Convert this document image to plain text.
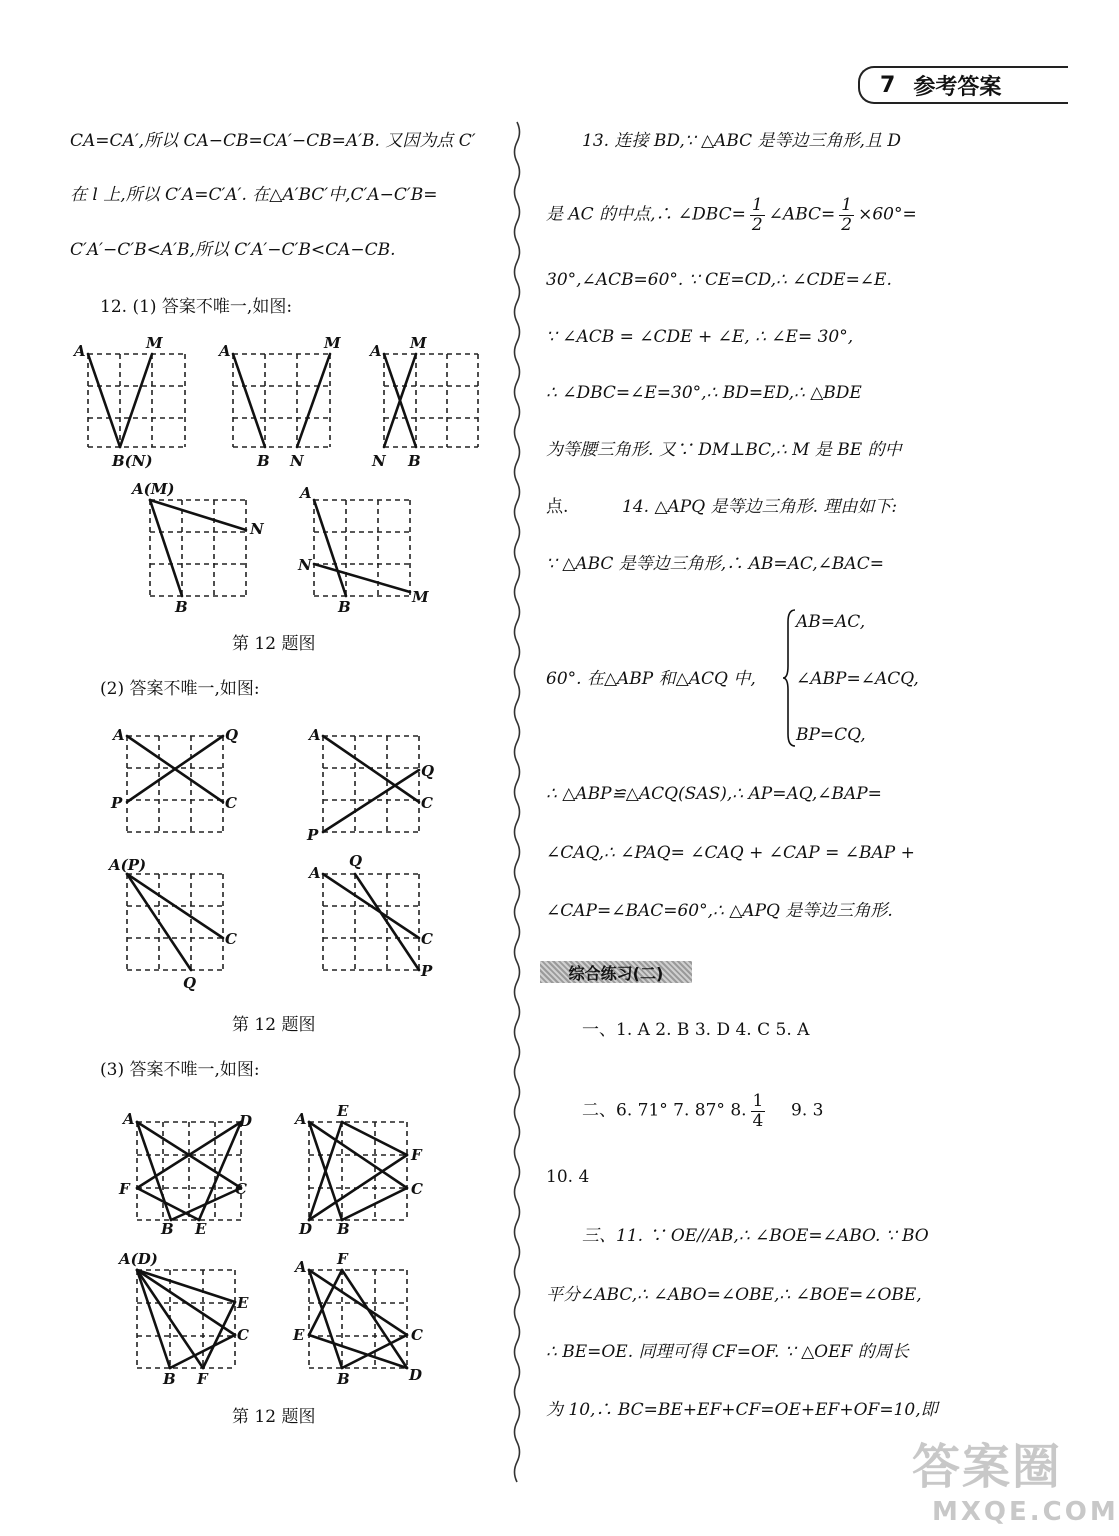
7 参考答案
CA=CA′,所以 CA−CB=CA′−CB=A′B. 又因为点 C′
在 l 上,所以 C′A=C′A′. 在△A′BC′中,C′A−C′B=
C′A′−C′B<A′B,所以 C′A′−C′B<CA−CB.
12. (1) 答案不唯一,如图:
A	M
B(N)
A	M
B N
A M
N B
A(M)
N
B
A
N
B
M
第 12 题图
(2) 答案不唯一,如图:
A	Q
P	C
A
Q
C
P
A(P)
C
Q
A
Q
C
P
第 12 题图
(3) 答案不唯一,如图:
A	D
F	C
B E
A E
F
C
D B
A(D)
E
C
B F
A F
E	C
B	D
第 12 题图
13. 连接 BD,∵ △ABC 是等边三角形,且 D
是 AC 的中点,∴ ∠DBC= $\frac{1}{2}$ ∠ABC= $\frac{1}{2} \times 60^\circ=$
30°,∠ACB=60°. ∵ CE=CD,∴ ∠CDE=∠E.
∵ ∠ACB = ∠CDE + ∠E, ∴ ∠E= 30°,
∴ ∠DBC=∠E=30°,∴ BD=ED,∴ △BDE
为等腰三角形. 又∵ DM⊥BC,∴ M 是 BE 的中
点.	14. △APQ 是等边三角形. 理由如下:
∵ △ABC 是等边三角形,∴ AB=AC,∠BAC=
60°. 在△ABP 和△ACQ 中,
AB=AC,
∠ABP=∠ACQ,
BP=CQ,
∴ △ABP≌△ACQ(SAS),∴ AP=AQ,∠BAP=
∠CAQ,∴ ∠PAQ= ∠CAQ + ∠CAP = ∠BAP +
∠CAP=∠BAC=60°,∴ △APQ 是等边三角形.
综合练习(二)
一、1. A 2. B 3. D 4. C 5. A
二、6. 71° 7. 87° 8. $\frac{1}{4} 9$. 3
10. 4
三、11. ∵ OE//AB,∴ ∠BOE=∠ABO. ∵ BO
平分∠ABC,∴ ∠ABO=∠OBE,∴ ∠BOE=∠OBE,
∴ BE=OE. 同理可得 CF=OF. ∵ △OEF 的周长
为 10,∴ BC=BE+EF+CF=OE+EF+OF=10,即
答案圈
MXQE.COM
